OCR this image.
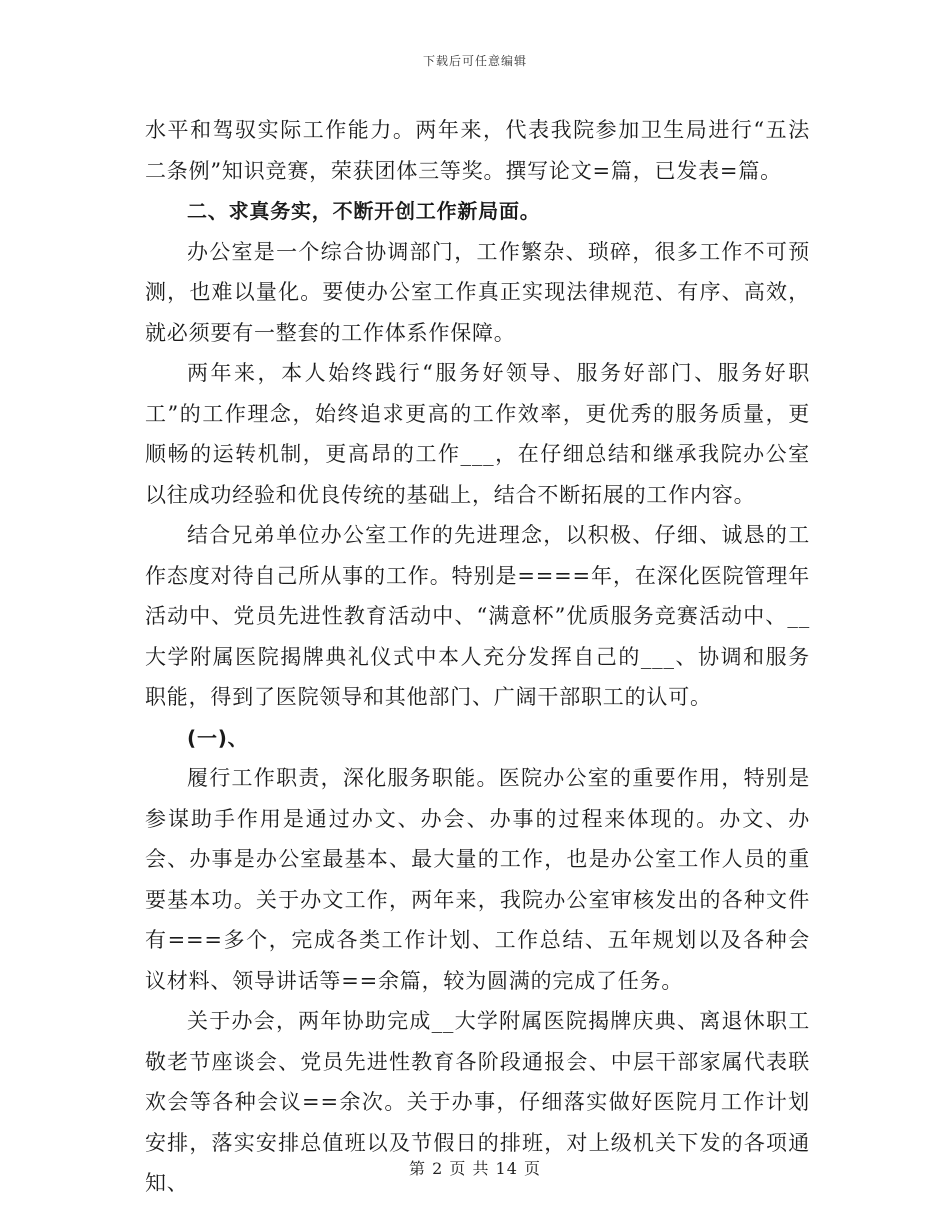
下载后可任意编辑

水平和驾驭实际工作能力。两年来，代表我院参加卫生局进行“五法二条例”知识竞赛，荣获团体三等奖。撰写论文=篇，已发表=篇。

二、求真务实，不断开创工作新局面。

办公室是一个综合协调部门，工作繁杂、琐碎，很多工作不可预测，也难以量化。要使办公室工作真正实现法律规范、有序、高效，就必须要有一整套的工作体系作保障。

两年来，本人始终践行“服务好领导、服务好部门、服务好职工”的工作理念，始终追求更高的工作效率，更优秀的服务质量，更顺畅的运转机制，更高昂的工作___，在仔细总结和继承我院办公室以往成功经验和优良传统的基础上，结合不断拓展的工作内容。

结合兄弟单位办公室工作的先进理念，以积极、仔细、诚恳的工作态度对待自己所从事的工作。特别是====年，在深化医院管理年活动中、党员先进性教育活动中、“满意杯”优质服务竞赛活动中、__大学附属医院揭牌典礼仪式中本人充分发挥自己的___、协调和服务职能，得到了医院领导和其他部门、广阔干部职工的认可。

(一)、

履行工作职责，深化服务职能。医院办公室的重要作用，特别是参谋助手作用是通过办文、办会、办事的过程来体现的。办文、办会、办事是办公室最基本、最大量的工作，也是办公室工作人员的重要基本功。关于办文工作，两年来，我院办公室审核发出的各种文件有===多个，完成各类工作计划、工作总结、五年规划以及各种会议材料、领导讲话等==余篇，较为圆满的完成了任务。

关于办会，两年协助完成__大学附属医院揭牌庆典、离退休职工敬老节座谈会、党员先进性教育各阶段通报会、中层干部家属代表联欢会等各种会议==余次。关于办事，仔细落实做好医院月工作计划安排，落实安排总值班以及节假日的排班，对上级机关下发的各项通知、

第 2 页 共 14 页
